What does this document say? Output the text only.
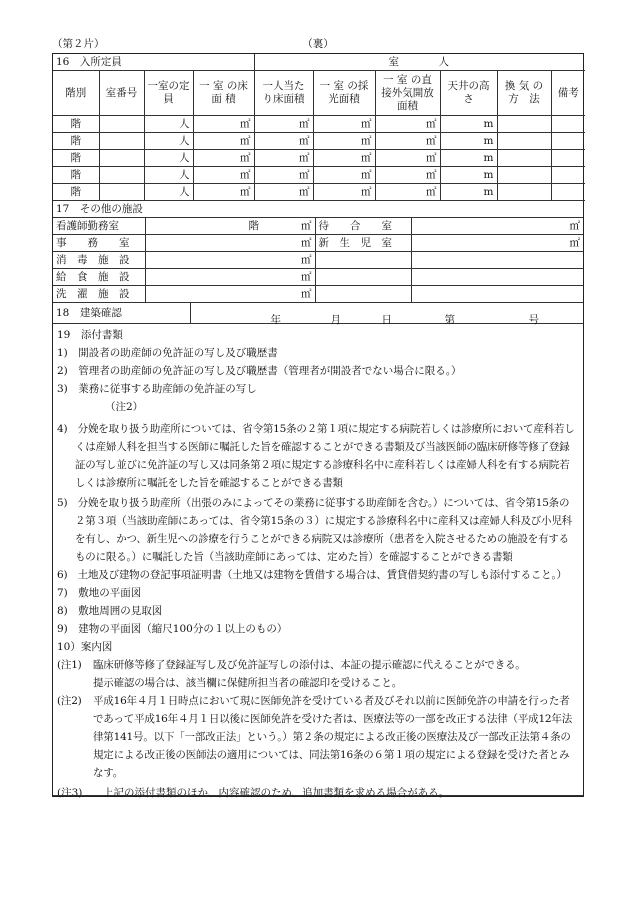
（第２片）	（裏）
16　入所定員				室　　　人					
階別	室番号	一室の定　員	一 室 の床 面 積	一人当たり床面積	一 室 の採光面積	一 室 の直接外気開放面積	天井の高　さ	換 気 の方　法	備考
階		人	㎡	㎡	㎡	㎡	m		
階		人	㎡	㎡	㎡	㎡	m		
階		人	㎡	㎡	㎡	㎡	m		
階		人	㎡	㎡	㎡	㎡	m		
階		人	㎡	㎡	㎡	㎡	m		
17　その他の施設			
看護師勤務室	階　　　　㎡	待　　合　　室	㎡
事　　務　　室	㎡	新　生　児　室	㎡
消　毒　施　設	㎡		
給　食　施　設	㎡		
洗　濯　施　設	㎡		
18　建築確認	
年	月	日	第	号
19　添付書類
1)　開設者の助産師の免許証の写し及び職歴書
2)　管理者の助産師の免許証の写し及び職歴書（管理者が開設者でない場合に限る。）
3)　業務に従事する助産師の免許証の写し
（注2）
4)　分娩を取り扱う助産所については、省令第15条の２第１項に規定する病院若しくは診療所において産科若しくは産婦人科を担当する医師に嘱託した旨を確認することができる書類及び当該医師の臨床研修等修了登録証の写し並びに免許証の写し又は同条第２項に規定する診療科名中に産科若しくは産婦人科を有する病院若しくは診療所に嘱託をした旨を確認することができる書類
5)　分娩を取り扱う助産所（出張のみによってその業務に従事する助産師を含む。）については、省令第15条の２第３項（当該助産師にあっては、省令第15条の３）に規定する診療科名中に産科又は産婦人科及び小児科を有し、かつ、新生児への診療を行うことができる病院又は診療所（患者を入院させるための施設を有するものに限る。）に嘱託した旨（当該助産師にあっては、定めた旨）を確認することができる書類
6)　土地及び建物の登記事項証明書（土地又は建物を賃借する場合は、賃貸借契約書の写しも添付すること。）
7)　敷地の平面図
8)　敷地周囲の見取図
9)　建物の平面図（縮尺100分の１以上のもの）
10）案内図
(注1)	臨床研修等修了登録証写し及び免許証写しの添付は、本証の提示確認に代えることができる。
提示確認の場合は、該当欄に保健所担当者の確認印を受けること。
(注2)	平成16年４月１日時点において現に医師免許を受けている者及びそれ以前に医師免許の申請を行った者であって平成16年４月１日以後に医師免許を受けた者は、医療法等の一部を改正する法律（平成12年法律第141号。以下「一部改正法」という。）第２条の規定による改正後の医療法及び一部改正法第４条の規定による改正後の医師法の適用については、同法第16条の６第１項の規定による登録を受けた者とみなす。
(注3)	上記の添付書類のほか、内容確認のため、追加書類を求める場合がある。
